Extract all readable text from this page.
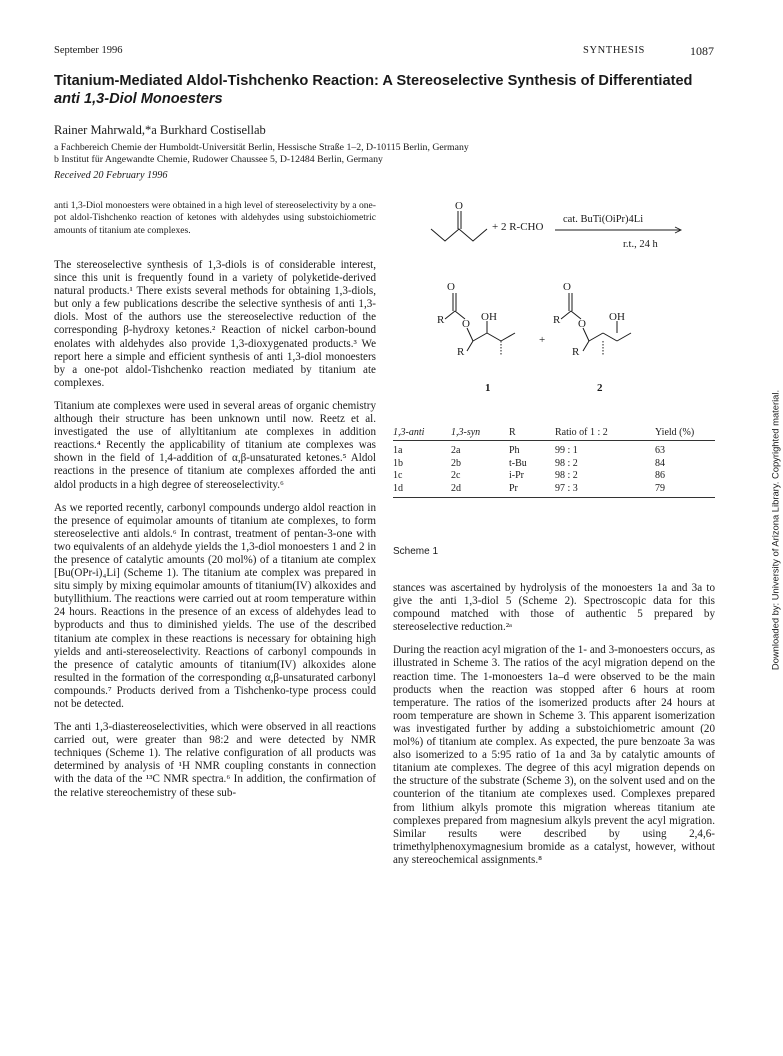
September 1996	SYNTHESIS	1087
Titanium-Mediated Aldol-Tishchenko Reaction: A Stereoselective Synthesis of Differentiated
anti 1,3-Diol Monoesters
Rainer Mahrwald,*a Burkhard Costisellab
a Fachbereich Chemie der Humboldt-Universität Berlin, Hessische Straße 1–2, D-10115 Berlin, Germany
b Institut für Angewandte Chemie, Rudower Chaussee 5, D-12484 Berlin, Germany
Received 20 February 1996
anti 1,3-Diol monoesters were obtained in a high level of stereoselectivity by a one-pot aldol-Tishchenko reaction of ketones with aldehydes using substoichiometric amounts of titanium ate complexes.

The stereoselective synthesis of 1,3-diols is of considerable interest, since this unit is frequently found in a variety of polyketide-derived natural products.¹ There exists several methods for obtaining 1,3-diols, but only a few publications describe the selective synthesis of anti 1,3-diols. Most of the authors use the stereoselective reduction of the corresponding β-hydroxy ketones.² Reaction of nickel carbon-bound enolates with aldehydes also provide 1,3-dioxygenated products.³ We report here a simple and efficient synthesis of anti 1,3-diol monoesters by a one-pot aldol-Tishchenko reaction mediated by titanium ate complexes.

Titanium ate complexes were used in several areas of organic chemistry although their structure has been unknown until now. Reetz et al. investigated the use of allyltitanium ate complexes in addition reactions.⁴ Recently the applicability of titanium ate complexes was shown in the field of 1,4-addition of α,β-unsaturated ketones.⁵ Aldol reactions in the presence of titanium ate complexes afforded the anti aldol products in a high degree of stereoselectivity.⁶

As we reported recently, carbonyl compounds undergo aldol reaction in the presence of equimolar amounts of titanium ate complexes, to form stereoselective anti aldols.⁶ In contrast, treatment of pentan-3-one with two equivalents of an aldehyde yields the 1,3-diol monoesters 1 and 2 in the presence of catalytic amounts (20 mol%) of a titanium ate complex [Bu(OPr-i)₄Li] (Scheme 1). The titanium ate complex was prepared in situ simply by mixing equimolar amounts of titanium(IV) alkoxides and butyllithium. The reactions were carried out at room temperature within 24 hours. Reactions in the presence of an excess of aldehydes lead to byproducts and thus to diminished yields. The use of the described titanium ate complex in these reactions is necessary for obtaining high yields and anti-stereoselectivity. Reactions of carbonyl compounds in the presence of catalytic amounts of titanium(IV) alkoxides alone resulted in the formation of the corresponding α,β-unsaturated carbonyl compounds.⁷ Products derived from a Tishchenko-type process could not be detected.

The anti 1,3-diastereoselectivities, which were observed in all reactions carried out, were greater than 98:2 and were detected by NMR techniques (Scheme 1). The relative configuration of all products was determined by analysis of ¹H NMR coupling constants in connection with the data of the ¹³C NMR spectra.⁶ In addition, the confirmation of the relative stereochemistry of these sub-

O
+ 2 R-CHO
cat. BuTi(OiPr)4Li
r.t., 24 h
O
R O
OH
R
1
+
O
R O
OH
R
2
1,3-anti	1,3-syn	R	Ratio of 1 : 2	Yield (%)
1a	2a	Ph	99 : 1	63
1b	2b	t-Bu	98 : 2	84
1c	2c	i-Pr	98 : 2	86
1d	2d	Pr	97 : 3	79
Scheme 1

stances was ascertained by hydrolysis of the monoesters 1a and 3a to give the anti 1,3-diol 5 (Scheme 2). Spectroscopic data for this compound matched with those of authentic 5 prepared by stereoselective reduction.²ᵃ

During the reaction acyl migration of the 1- and 3-monoesters occurs, as illustrated in Scheme 3. The ratios of the acyl migration depend on the reaction time. The 1-monoesters 1a–d were observed to be the main products when the reaction was stopped after 6 hours at room temperature. The ratios of the isomerized products after 24 hours at room temperature are shown in Scheme 3. This apparent isomerization was investigated further by adding a substoichiometric amount (20 mol%) of titanium ate complex. As expected, the pure benzoate 3a was also isomerized to a 5:95 ratio of 1a and 3a by catalytic amounts of titanium ate complexes. The degree of this acyl migration depends on the structure of the substrate (Scheme 3), on the solvent used and on the counterion of the titanium ate complexes used. Complexes prepared from lithium alkyls promote this migration whereas titanium ate complexes prepared from magnesium alkyls prevent the acyl migration. Similar results were described by using 2,4,6-trimethylphenoxymagnesium bromide as a catalyst, however, without any stereochemical assignments.⁸

Downloaded by: University of Arizona Library. Copyrighted material.
